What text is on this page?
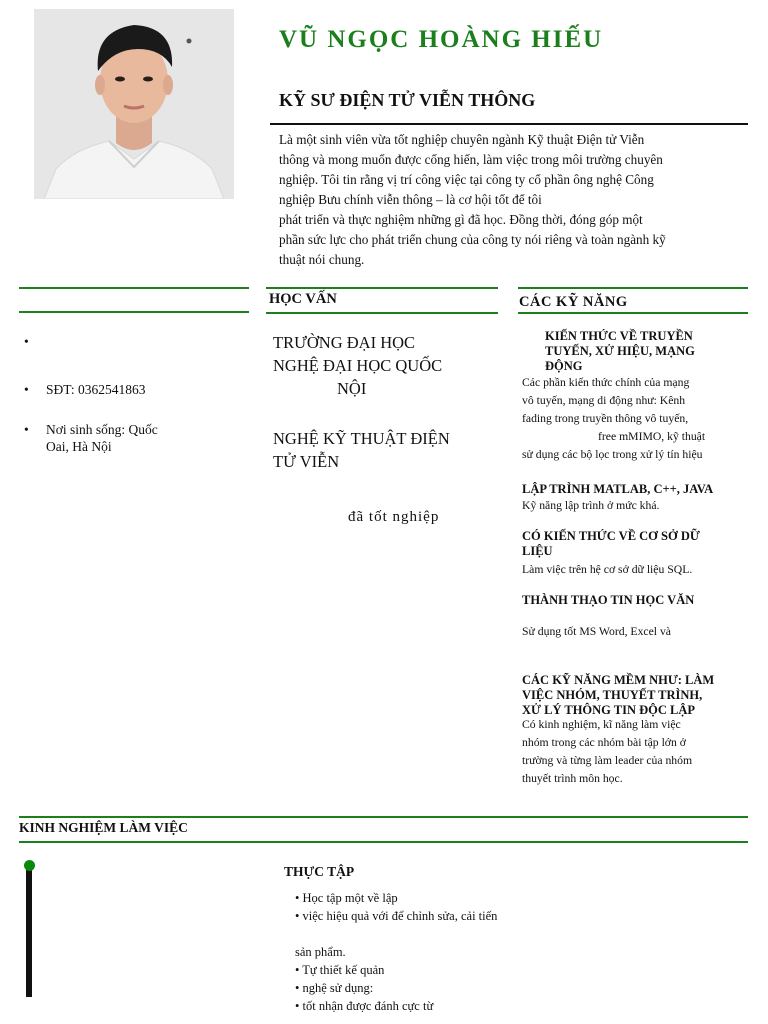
VŨ NGỌC HOÀNG HIẾU
KỸ SƯ ĐIỆN TỬ VIỄN THÔNG

Là một sinh viên vừa tốt nghiệp chuyên ngành Kỹ thuật Điện tử Viễn

thông và mong muốn được cống hiến, làm việc trong môi trường chuyên

nghiệp. Tôi tin rằng vị trí công việc tại công ty cổ phần ông nghệ Công

nghiệp Bưu chính viễn thông – là cơ hội tốt để tôi

phát triển và thực nghiệm những gì đã học. Đồng thời, đóng góp một

phần sức lực cho phát triển chung của công ty nói riêng và toàn ngành kỹ

thuật nói chung.

•
• SĐT: 0362541863
• Nơi sinh sống: Quốc
Oai, Hà Nội
HỌC VẤN
TRƯỜNG ĐẠI HỌC
NGHỆ ĐẠI HỌC QUỐC
NỘI
NGHỆ KỸ THUẬT ĐIỆN
TỬ VIỄN
đã tốt nghiệp
CÁC KỸ NĂNG
KIẾN THỨC VỀ TRUYỀN
TUYẾN, XỬ HIỆU, MẠNG
ĐỘNG
Các phần kiến thức chính của mạng
vô tuyến, mạng di động như: Kênh
fading trong truyền thông vô tuyến,
free mMIMO, kỹ thuật
sử dụng các bộ lọc trong xử lý tín hiệu
LẬP TRÌNH MATLAB, C++, JAVA
Kỹ năng lập trình ở mức khá.
CÓ KIẾN THỨC VỀ CƠ SỞ DỮ
LIỆU
Làm việc trên hệ cơ sở dữ liệu SQL.
THÀNH THẠO TIN HỌC VĂN
Sử dụng tốt MS Word, Excel và
CÁC KỸ NĂNG MỀM NHƯ: LÀM
VIỆC NHÓM, THUYẾT TRÌNH,
XỬ LÝ THÔNG TIN ĐỘC LẬP
Có kinh nghiệm, kĩ năng làm việc
nhóm trong các nhóm bài tập lớn ở
trường và từng làm leader của nhóm
thuyết trình môn học.
KINH NGHIỆM LÀM VIỆC
THỰC TẬP
• Học tập một về lập
• việc hiệu quả với để chỉnh sửa, cải tiến
sản phẩm.
• Tự thiết kế quản
• nghệ sử dụng:
• tốt nhận được đánh cực từ
